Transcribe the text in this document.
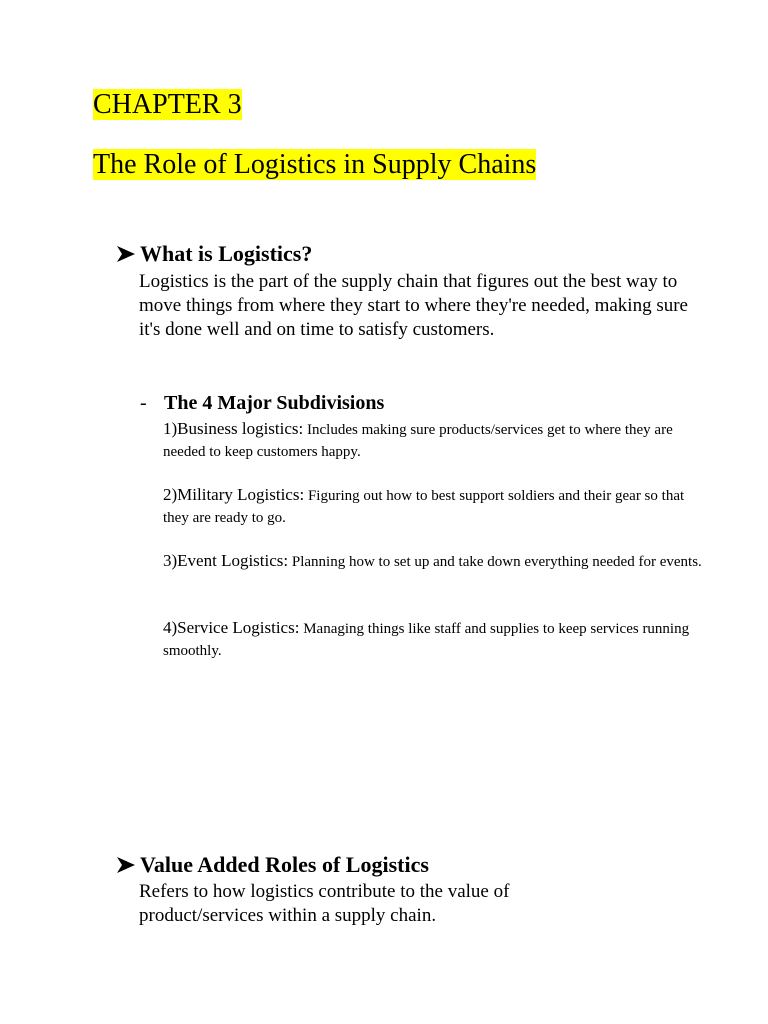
CHAPTER 3
The Role of Logistics in Supply Chains
What is Logistics?
Logistics is the part of the supply chain that figures out the best way to move things from where they start to where they're needed, making sure it's done well and on time to satisfy customers.
- The 4 Major Subdivisions
1)Business logistics: Includes making sure products/services get to where they are needed to keep customers happy.
2)Military Logistics: Figuring out how to best support soldiers and their gear so that they are ready to go.
3)Event Logistics: Planning how to set up and take down everything needed for events.
4)Service Logistics: Managing things like staff and supplies to keep services running smoothly.
Value Added Roles of Logistics
Refers to how logistics contribute to the value of product/services within a supply chain.
